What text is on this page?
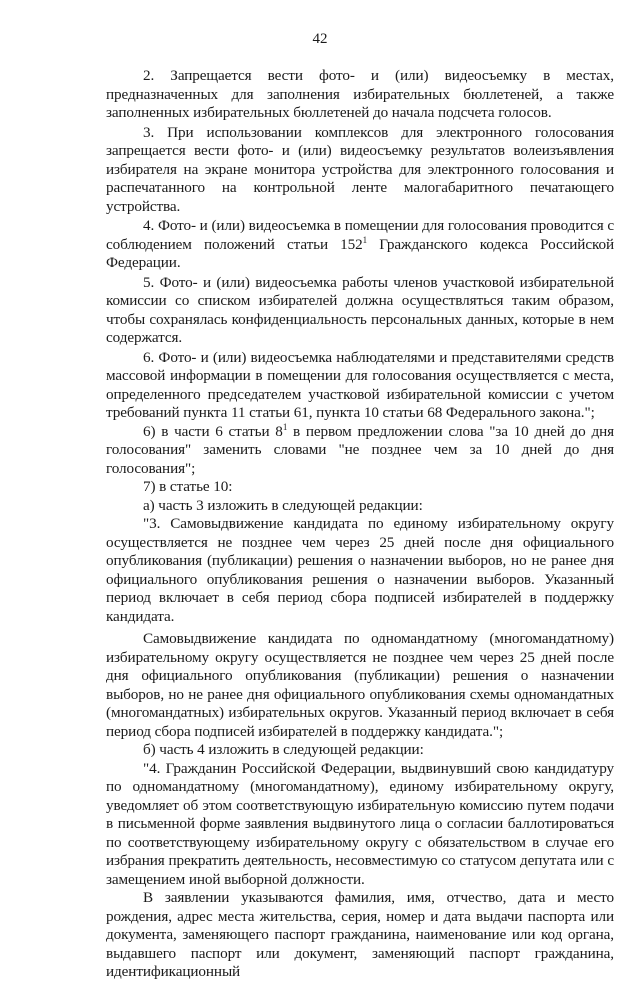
42

2. Запрещается вести фото- и (или) видеосъемку в местах, предназначенных для заполнения избирательных бюллетеней, а также заполненных избирательных бюллетеней до начала подсчета голосов.

3. При использовании комплексов для электронного голосования запрещается вести фото- и (или) видеосъемку результатов волеизъявления избирателя на экране монитора устройства для электронного голосования и распечатанного на контрольной ленте малогабаритного печатающего устройства.

4. Фото- и (или) видеосъемка в помещении для голосования проводится с соблюдением положений статьи $152^1$ Гражданского кодекса Российской Федерации.

5. Фото- и (или) видеосъемка работы членов участковой избирательной комиссии со списком избирателей должна осуществляться таким образом, чтобы сохранялась конфиденциальность персональных данных, которые в нем содержатся.

6. Фото- и (или) видеосъемка наблюдателями и представителями средств массовой информации в помещении для голосования осуществляется с места, определенного председателем участковой избирательной комиссии с учетом требований пункта 11 статьи 61, пункта 10 статьи 68 Федерального закона.";

6) в части 6 статьи $8^1$ в первом предложении слова "за 10 дней до дня голосования" заменить словами "не позднее чем за 10 дней до дня голосования";

7) в статье 10:

а) часть 3 изложить в следующей редакции:

"3. Самовыдвижение кандидата по единому избирательному округу осуществляется не позднее чем через 25 дней после дня официального опубликования (публикации) решения о назначении выборов, но не ранее дня официального опубликования решения о назначении выборов. Указанный период включает в себя период сбора подписей избирателей в поддержку кандидата.

Самовыдвижение кандидата по одномандатному (многомандатному) избирательному округу осуществляется не позднее чем через 25 дней после дня официального опубликования (публикации) решения о назначении выборов, но не ранее дня официального опубликования схемы одномандатных (многомандатных) избирательных округов. Указанный период включает в себя период сбора подписей избирателей в поддержку кандидата.";

б) часть 4 изложить в следующей редакции:

"4. Гражданин Российской Федерации, выдвинувший свою кандидатуру по одномандатному (многомандатному), единому избирательному округу, уведомляет об этом соответствующую избирательную комиссию путем подачи в письменной форме заявления выдвинутого лица о согласии баллотироваться по соответствующему избирательному округу с обязательством в случае его избрания прекратить деятельность, несовместимую со статусом депутата или с замещением иной выборной должности.

В заявлении указываются фамилия, имя, отчество, дата и место рождения, адрес места жительства, серия, номер и дата выдачи паспорта или документа, заменяющего паспорт гражданина, наименование или код органа, выдавшего паспорт или документ, заменяющий паспорт гражданина, идентификационный
